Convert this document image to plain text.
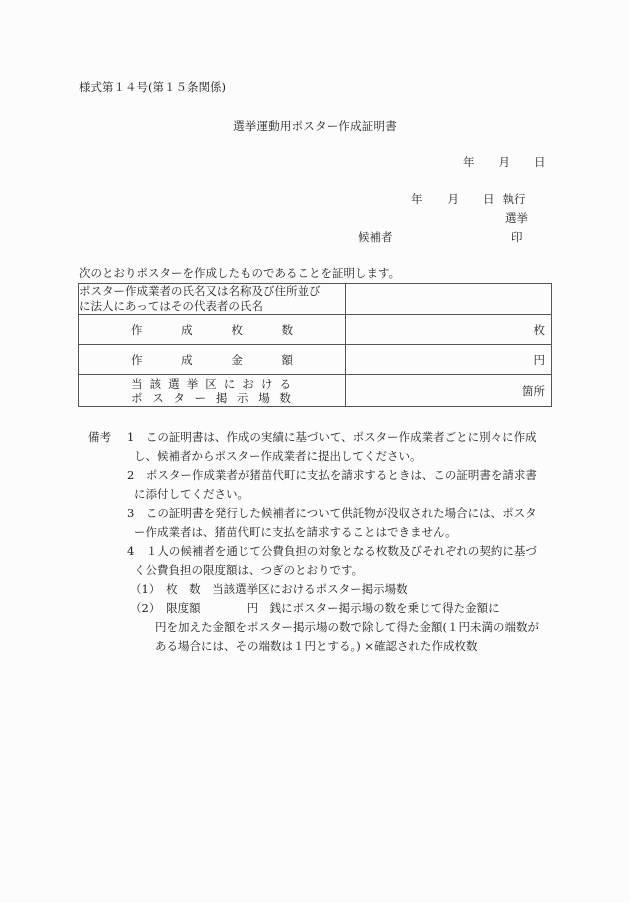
様式第１４号(第１５条関係)
選挙運動用ポスター作成証明書
年 月 日
年 月 日 執行
選挙
候補者	印
次のとおりポスターを作成したものであることを証明します。
ポスター作成業者の氏名又は名称及び住所並び
に法人にあってはその代表者の氏名	

作 成 枚 数	枚

作 成 金 額	円

当 該 選 挙 区 に お け る
ポ ス タ ー 掲 示 場 数	箇所
備考 1　この証明書は、作成の実績に基づいて、ポスター作成業者ごとに別々に作成
し、候補者からポスター作成業者に提出してください。
2　ポスター作成業者が猪苗代町に支払を請求するときは、この証明書を請求書
に添付してください。
3　この証明書を発行した候補者について供託物が没収された場合には、ポスタ
ー作成業者は、猪苗代町に支払を請求することはできません。
4　１人の候補者を通じて公費負担の対象となる枚数及びそれぞれの契約に基づ
く公費負担の限度額は、つぎのとおりです。
（1）　枚　数　当該選挙区におけるポスター掲示場数
（2）　限度額　　　　円　銭にポスター掲示場の数を乗じて得た金額に
円を加えた金額をポスター掲示場の数で除して得た金額(１円未満の端数が
ある場合には、その端数は１円とする。) ×確認された作成枚数
